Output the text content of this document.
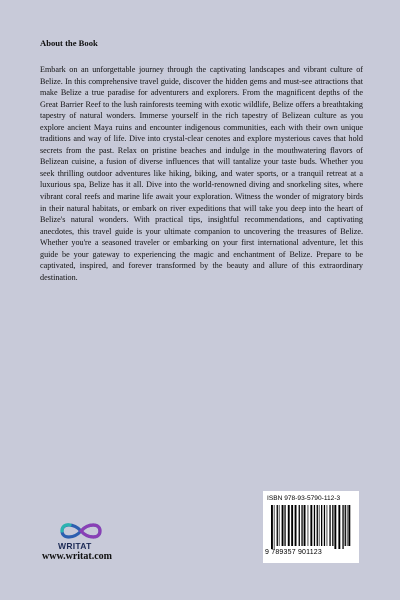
About the Book

Embark on an unforgettable journey through the captivating landscapes and vibrant culture of Belize. In this comprehensive travel guide, discover the hidden gems and must-see attractions that make Belize a true paradise for adventurers and explorers. From the magnificent depths of the Great Barrier Reef to the lush rainforests teeming with exotic wildlife, Belize offers a breathtaking tapestry of natural wonders. Immerse yourself in the rich tapestry of Belizean culture as you explore ancient Maya ruins and encounter indigenous communities, each with their own unique traditions and way of life. Dive into crystal-clear cenotes and explore mysterious caves that hold secrets from the past. Relax on pristine beaches and indulge in the mouthwatering flavors of Belizean cuisine, a fusion of diverse influences that will tantalize your taste buds. Whether you seek thrilling outdoor adventures like hiking, biking, and water sports, or a tranquil retreat at a luxurious spa, Belize has it all. Dive into the world-renowned diving and snorkeling sites, where vibrant coral reefs and marine life await your exploration. Witness the wonder of migratory birds in their natural habitats, or embark on river expeditions that will take you deep into the heart of Belize's natural wonders. With practical tips, insightful recommendations, and captivating anecdotes, this travel guide is your ultimate companion to uncovering the treasures of Belize. Whether you're a seasoned traveler or embarking on your first international adventure, let this guide be your gateway to experiencing the magic and enchantment of Belize. Prepare to be captivated, inspired, and forever transformed by the beauty and allure of this extraordinary destination.

ISBN 978-93-5790-112-3
9 789357 901123
WRITAT
www.writat.com
